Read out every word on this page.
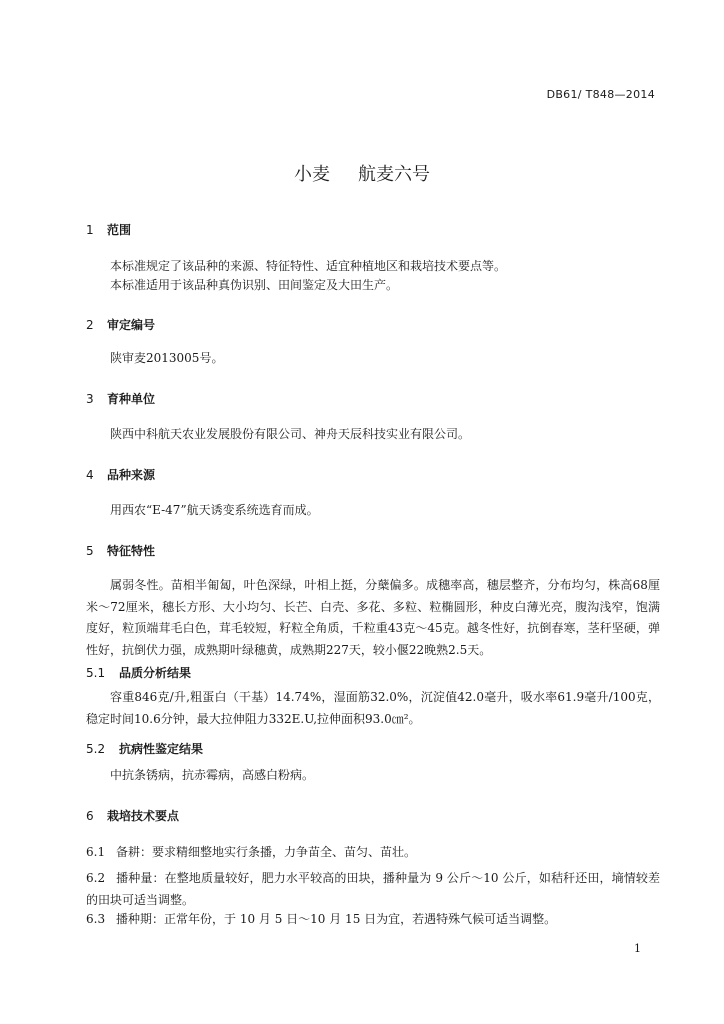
DB61/ T848—2014
小麦 航麦六号
1 范围
本标准规定了该品种的来源、特征特性、适宜种植地区和栽培技术要点等。
本标准适用于该品种真伪识别、田间鉴定及大田生产。
2 审定编号
陕审麦2013005号。
3 育种单位
陕西中科航天农业发展股份有限公司、神舟天辰科技实业有限公司。
4 品种来源
用西农“E-47”航天诱变系统选育而成。
5 特征特性
属弱冬性。苗相半匍匐，叶色深绿，叶相上挺，分蘖偏多。成穗率高，穗层整齐，分布均匀，株高68厘米～72厘米，穗长方形、大小均匀、长芒、白壳、多花、多粒、粒椭圆形，种皮白薄光亮，腹沟浅窄，饱满度好，粒顶端茸毛白色，茸毛较短，籽粒全角质，千粒重43克～45克。越冬性好，抗倒春寒，茎秆坚硬，弹性好，抗倒伏力强，成熟期叶绿穗黄，成熟期227天，较小偃22晚熟2.5天。
5.1 品质分析结果
容重846克/升,粗蛋白（干基）14.74%，湿面筋32.0%，沉淀值42.0毫升，吸水率61.9毫升/100克，稳定时间10.6分钟，最大拉伸阻力332E.U,拉伸面积93.0㎝²。
5.2 抗病性鉴定结果
中抗条锈病，抗赤霉病，高感白粉病。
6 栽培技术要点
6.1 备耕：要求精细整地实行条播，力争苗全、苗匀、苗壮。
6.2 播种量：在整地质量较好，肥力水平较高的田块，播种量为 9 公斤～10 公斤，如秸秆还田，墒情较差的田块可适当调整。
6.3 播种期：正常年份，于 10 月 5 日～10 月 15 日为宜，若遇特殊气候可适当调整。
1
